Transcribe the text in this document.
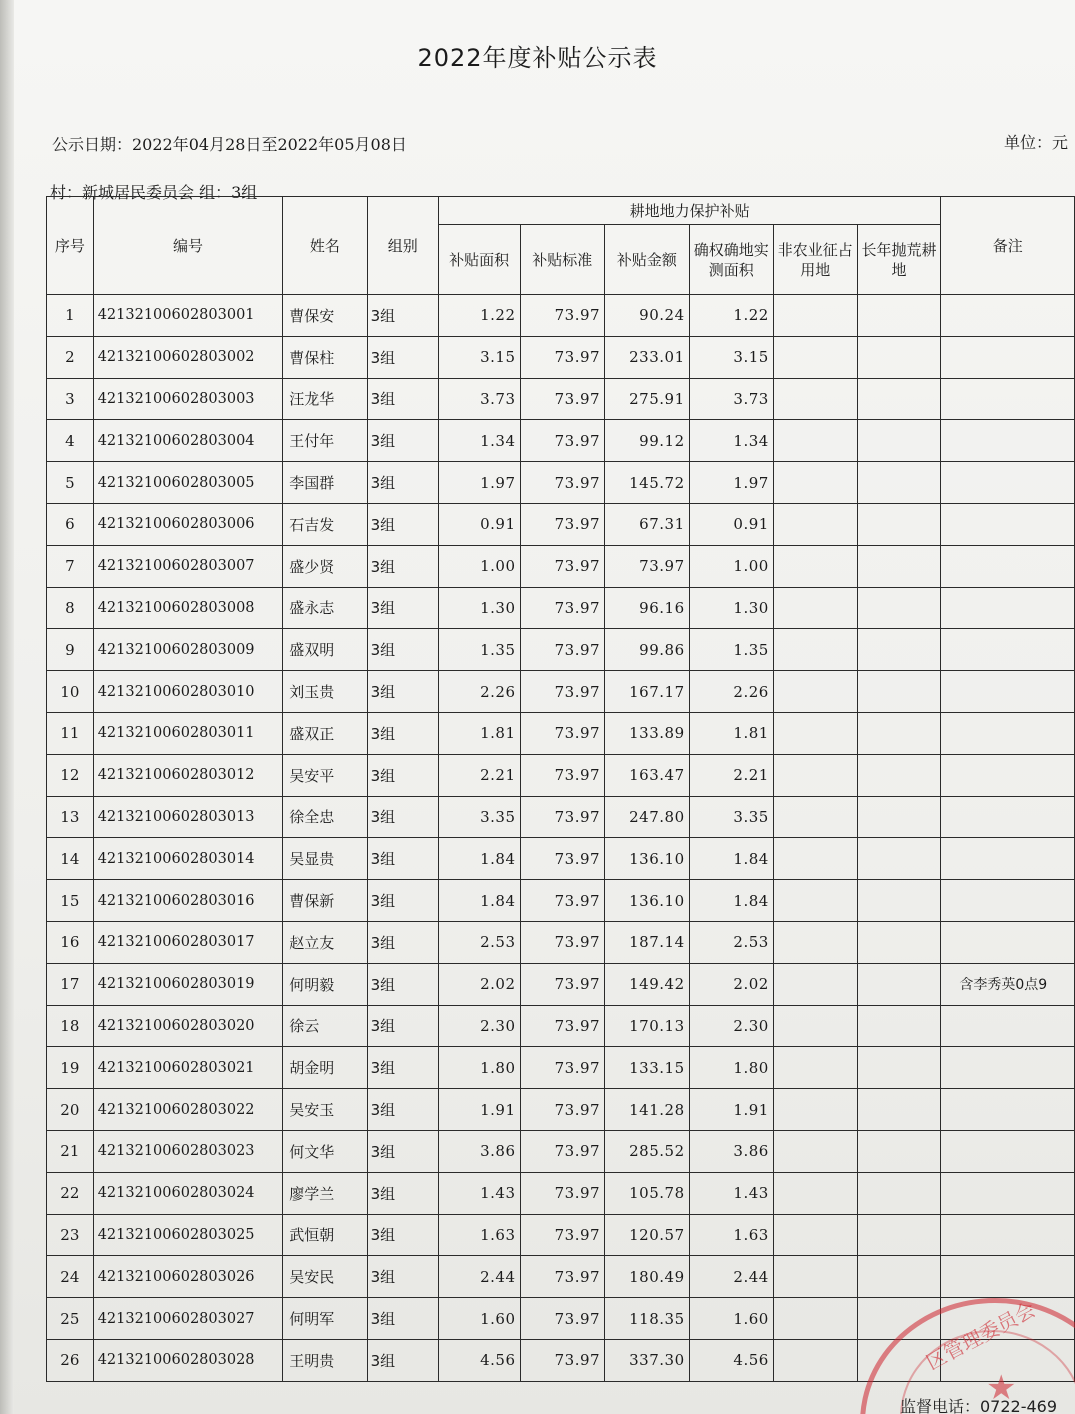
2022年度补贴公示表
公示日期：2022年04月28日至2022年05月08日	单位：元
村：新城居民委员会 组：3组
序号	编号	姓名	组别	耕地地力保护补贴						备注
				补贴面积	补贴标准	补贴金额	确权确地实测面积	非农业征占用地	长年抛荒耕地	
1	42132100602803001	曹保安	3组	1.22	73.97	90.24	1.22			
2	42132100602803002	曹保柱	3组	3.15	73.97	233.01	3.15			
3	42132100602803003	汪龙华	3组	3.73	73.97	275.91	3.73			
4	42132100602803004	王付年	3组	1.34	73.97	99.12	1.34			
5	42132100602803005	李国群	3组	1.97	73.97	145.72	1.97			
6	42132100602803006	石吉发	3组	0.91	73.97	67.31	0.91			
7	42132100602803007	盛少贤	3组	1.00	73.97	73.97	1.00			
8	42132100602803008	盛永志	3组	1.30	73.97	96.16	1.30			
9	42132100602803009	盛双明	3组	1.35	73.97	99.86	1.35			
10	42132100602803010	刘玉贵	3组	2.26	73.97	167.17	2.26			
11	42132100602803011	盛双正	3组	1.81	73.97	133.89	1.81			
12	42132100602803012	吴安平	3组	2.21	73.97	163.47	2.21			
13	42132100602803013	徐全忠	3组	3.35	73.97	247.80	3.35			
14	42132100602803014	吴显贵	3组	1.84	73.97	136.10	1.84			
15	42132100602803016	曹保新	3组	1.84	73.97	136.10	1.84			
16	42132100602803017	赵立友	3组	2.53	73.97	187.14	2.53			
17	42132100602803019	何明毅	3组	2.02	73.97	149.42	2.02			含李秀英0点9
18	42132100602803020	徐云	3组	2.30	73.97	170.13	2.30			
19	42132100602803021	胡金明	3组	1.80	73.97	133.15	1.80			
20	42132100602803022	吴安玉	3组	1.91	73.97	141.28	1.91			
21	42132100602803023	何文华	3组	3.86	73.97	285.52	3.86			
22	42132100602803024	廖学兰	3组	1.43	73.97	105.78	1.43			
23	42132100602803025	武恒朝	3组	1.63	73.97	120.57	1.63			
24	42132100602803026	吴安民	3组	2.44	73.97	180.49	2.44			
25	42132100602803027	何明军	3组	1.60	73.97	118.35	1.60			
26	42132100602803028	王明贵	3组	4.56	73.97	337.30	4.56				区管理委员会
★
监督电话：0722-469
